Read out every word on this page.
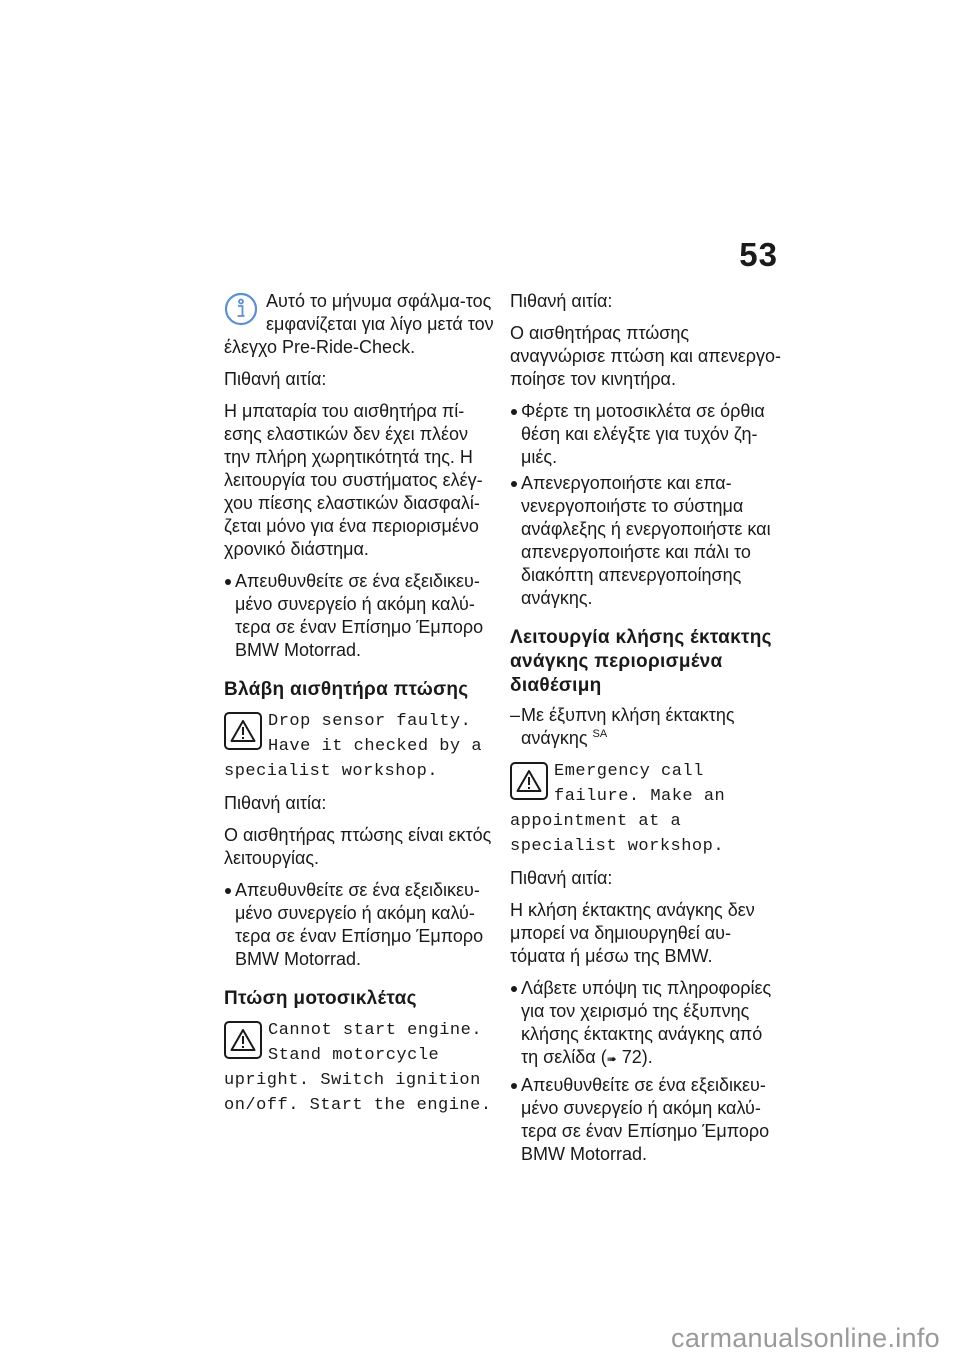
53
Αυτό το μήνυμα σφάλμα-τος εμφανίζεται για λίγο μετά τον έλεγχο Pre-Ride-Check.

Πιθανή αιτία:

Η μπαταρία του αισθητήρα πί-εσης ελαστικών δεν έχει πλέον την πλήρη χωρητικότητά της. Η λειτουργία του συστήματος ελέγ-χου πίεσης ελαστικών διασφαλί-ζεται μόνο για ένα περιορισμένο χρονικό διάστημα.

Απευθυνθείτε σε ένα εξειδικευ-μένο συνεργείο ή ακόμη καλύ-τερα σε έναν Επίσημο Έμπορο BMW Motorrad.
Βλάβη αισθητήρα πτώσης
Drop sensor faulty. Have it checked by a specialist workshop.

Πιθανή αιτία:

Ο αισθητήρας πτώσης είναι εκτός λειτουργίας.

Απευθυνθείτε σε ένα εξειδικευ-μένο συνεργείο ή ακόμη καλύ-τερα σε έναν Επίσημο Έμπορο BMW Motorrad.
Πτώση μοτοσικλέτας
Cannot start engine. Stand motorcycle upright. Switch ignition on/off. Start the engine.

Πιθανή αιτία:

Ο αισθητήρας πτώσης αναγνώρισε πτώση και απενεργο-ποίησε τον κινητήρα.

Φέρτε τη μοτοσικλέτα σε όρθια θέση και ελέγξτε για τυχόν ζη-μιές.
Απενεργοποιήστε και επα-νενεργοποιήστε το σύστημα ανάφλεξης ή ενεργοποιήστε και απενεργοποιήστε και πάλι το διακόπτη απενεργοποίησης ανάγκης.
Λειτουργία κλήσης έκτακτης ανάγκης περιορισμένα διαθέσιμη
– Με έξυπνη κλήση έκτακτης ανάγκης $^{SA}$
Emergency call failure. Make an appointment at a specialist workshop.

Πιθανή αιτία:

Η κλήση έκτακτης ανάγκης δεν μπορεί να δημιουργηθεί αυ-τόματα ή μέσω της BMW.

Λάβετε υπόψη τις πληροφορίες για τον χειρισμό της έξυπνης κλήσης έκτακτης ανάγκης από τη σελίδα (➠ 72).
Απευθυνθείτε σε ένα εξειδικευ-μένο συνεργείο ή ακόμη καλύ-τερα σε έναν Επίσημο Έμπορο BMW Motorrad.
carmanualsonline.info
